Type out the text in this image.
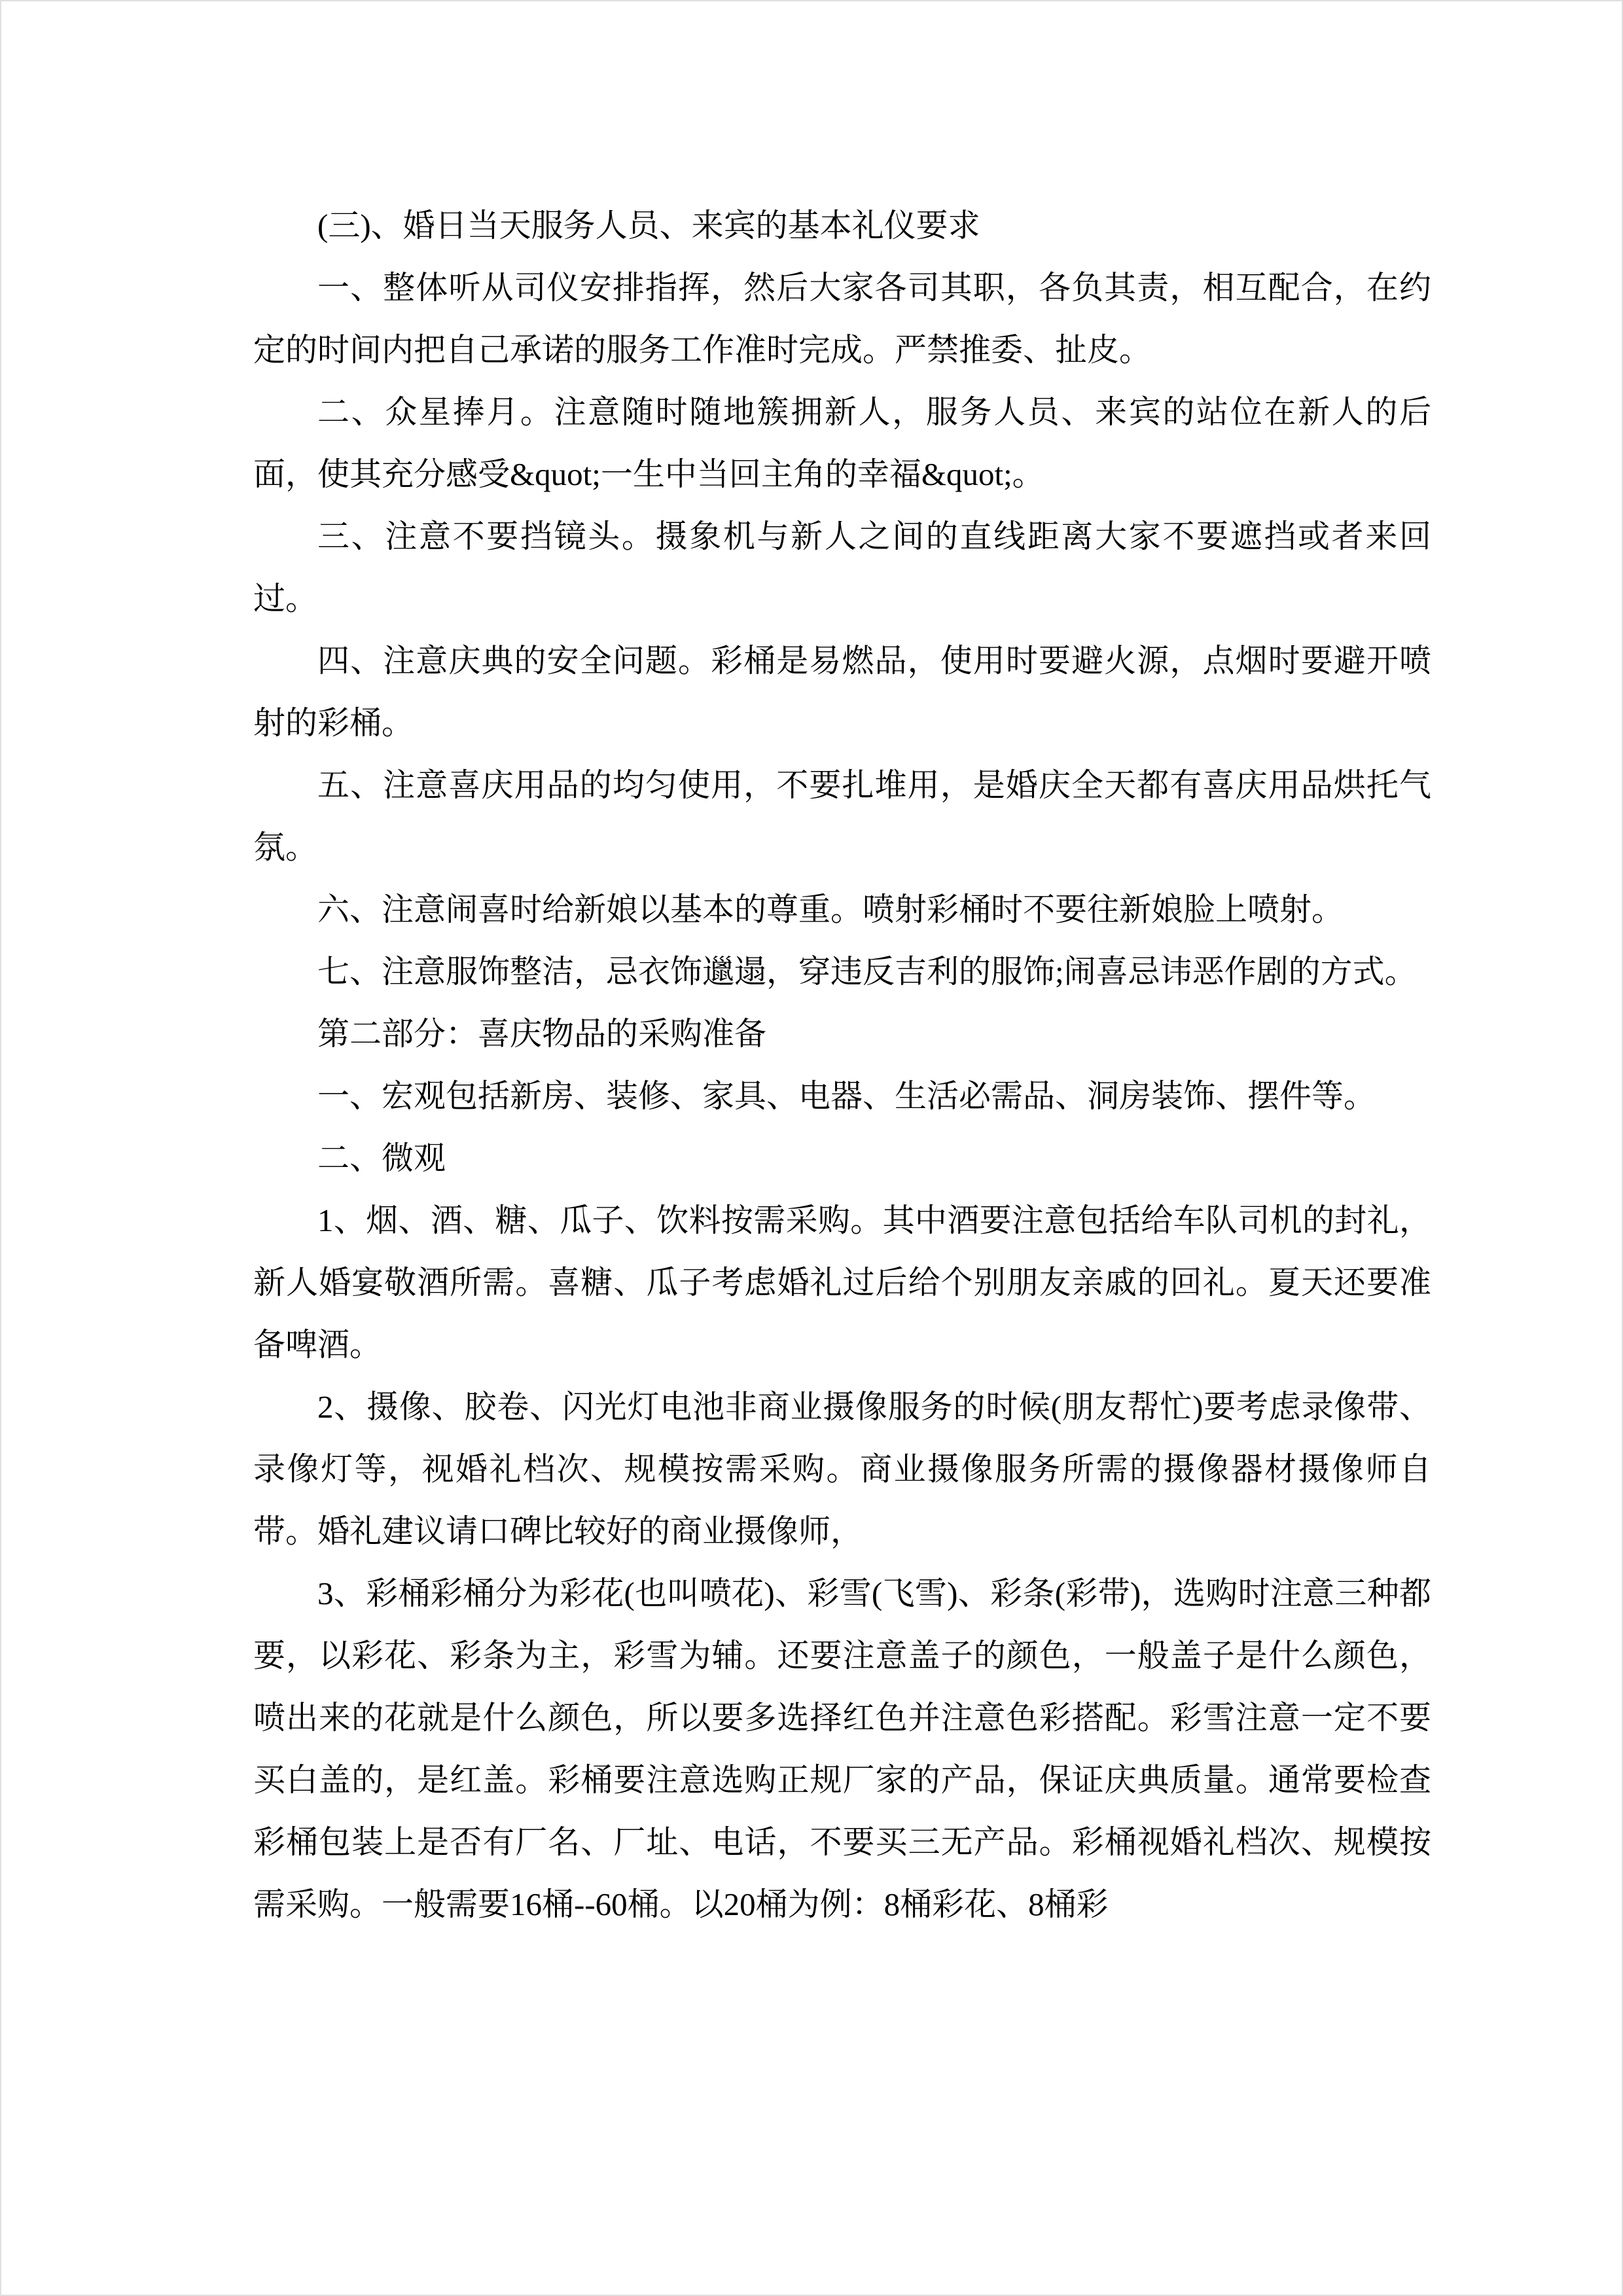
(三)、婚日当天服务人员、来宾的基本礼仪要求

一、整体听从司仪安排指挥，然后大家各司其职，各负其责，相互配合，在约定的时间内把自己承诺的服务工作准时完成。严禁推委、扯皮。

二、众星捧月。注意随时随地簇拥新人，服务人员、来宾的站位在新人的后面，使其充分感受&quot;一生中当回主角的幸福&quot;。

三、注意不要挡镜头。摄象机与新人之间的直线距离大家不要遮挡或者来回过。

四、注意庆典的安全问题。彩桶是易燃品，使用时要避火源，点烟时要避开喷射的彩桶。

五、注意喜庆用品的均匀使用，不要扎堆用，是婚庆全天都有喜庆用品烘托气氛。

六、注意闹喜时给新娘以基本的尊重。喷射彩桶时不要往新娘脸上喷射。

七、注意服饰整洁，忌衣饰邋遢，穿违反吉利的服饰;闹喜忌讳恶作剧的方式。

第二部分：喜庆物品的采购准备

一、宏观包括新房、装修、家具、电器、生活必需品、洞房装饰、摆件等。

二、微观

1、烟、酒、糖、瓜子、饮料按需采购。其中酒要注意包括给车队司机的封礼，新人婚宴敬酒所需。喜糖、瓜子考虑婚礼过后给个别朋友亲戚的回礼。夏天还要准备啤酒。

2、摄像、胶卷、闪光灯电池非商业摄像服务的时候(朋友帮忙)要考虑录像带、录像灯等，视婚礼档次、规模按需采购。商业摄像服务所需的摄像器材摄像师自带。婚礼建议请口碑比较好的商业摄像师，

3、彩桶彩桶分为彩花(也叫喷花)、彩雪(飞雪)、彩条(彩带)，选购时注意三种都要，以彩花、彩条为主，彩雪为辅。还要注意盖子的颜色，一般盖子是什么颜色，喷出来的花就是什么颜色，所以要多选择红色并注意色彩搭配。彩雪注意一定不要买白盖的，是红盖。彩桶要注意选购正规厂家的产品，保证庆典质量。通常要检查彩桶包装上是否有厂名、厂址、电话，不要买三无产品。彩桶视婚礼档次、规模按需采购。一般需要16桶--60桶。以20桶为例：8桶彩花、8桶彩
